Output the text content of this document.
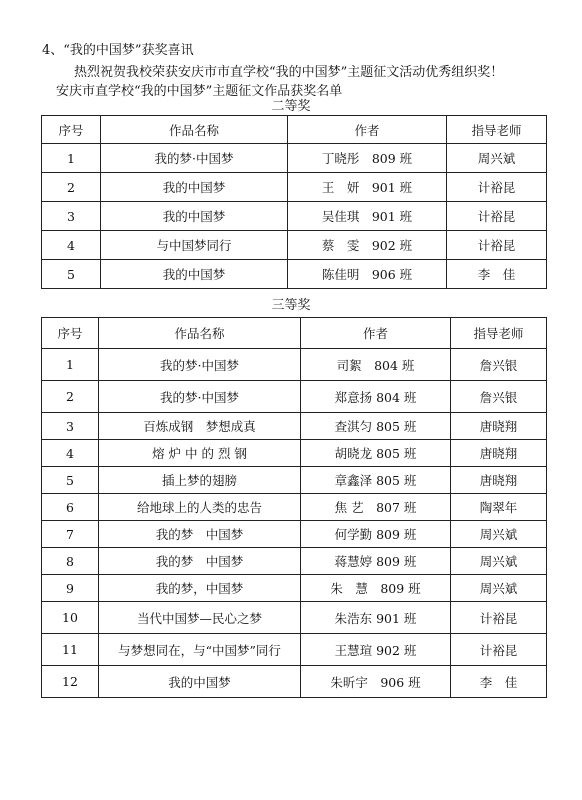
4、“我的中国梦”获奖喜讯
热烈祝贺我校荣获安庆市市直学校“我的中国梦”主题征文活动优秀组织奖！
安庆市直学校“我的中国梦”主题征文作品获奖名单
二等奖
序号	作品名称	作者	指导老师
1	我的梦·中国梦	丁晓彤　809 班	周兴斌
2	我的中国梦	王　妍　901 班	计裕昆
3	我的中国梦	吴佳琪　901 班	计裕昆
4	与中国梦同行	蔡　雯　902 班	计裕昆
5	我的中国梦	陈佳明　906 班	李　佳
三等奖
序号	作品名称	作者	指导老师
1	我的梦·中国梦	司絮　804 班	詹兴银
2	我的梦·中国梦	郑意扬 804 班	詹兴银
3	百炼成钢　梦想成真	查淇匀 805 班	唐晓翔
4	熔 炉 中 的 烈 钢	胡晓龙 805 班	唐晓翔
5	插上梦的翅膀	章鑫泽 805 班	唐晓翔
6	给地球上的人类的忠告	焦 艺　807 班	陶翠年
7	我的梦　中国梦	何学勤 809 班	周兴斌
8	我的梦　中国梦	蒋慧婷 809 班	周兴斌
9	我的梦，中国梦	朱　慧　809 班	周兴斌
10	当代中国梦—民心之梦	朱浩东 901 班	计裕昆
11	与梦想同在，与“中国梦”同行	王慧瑄 902 班	计裕昆
12	我的中国梦	朱昕宇　906 班	李　佳
